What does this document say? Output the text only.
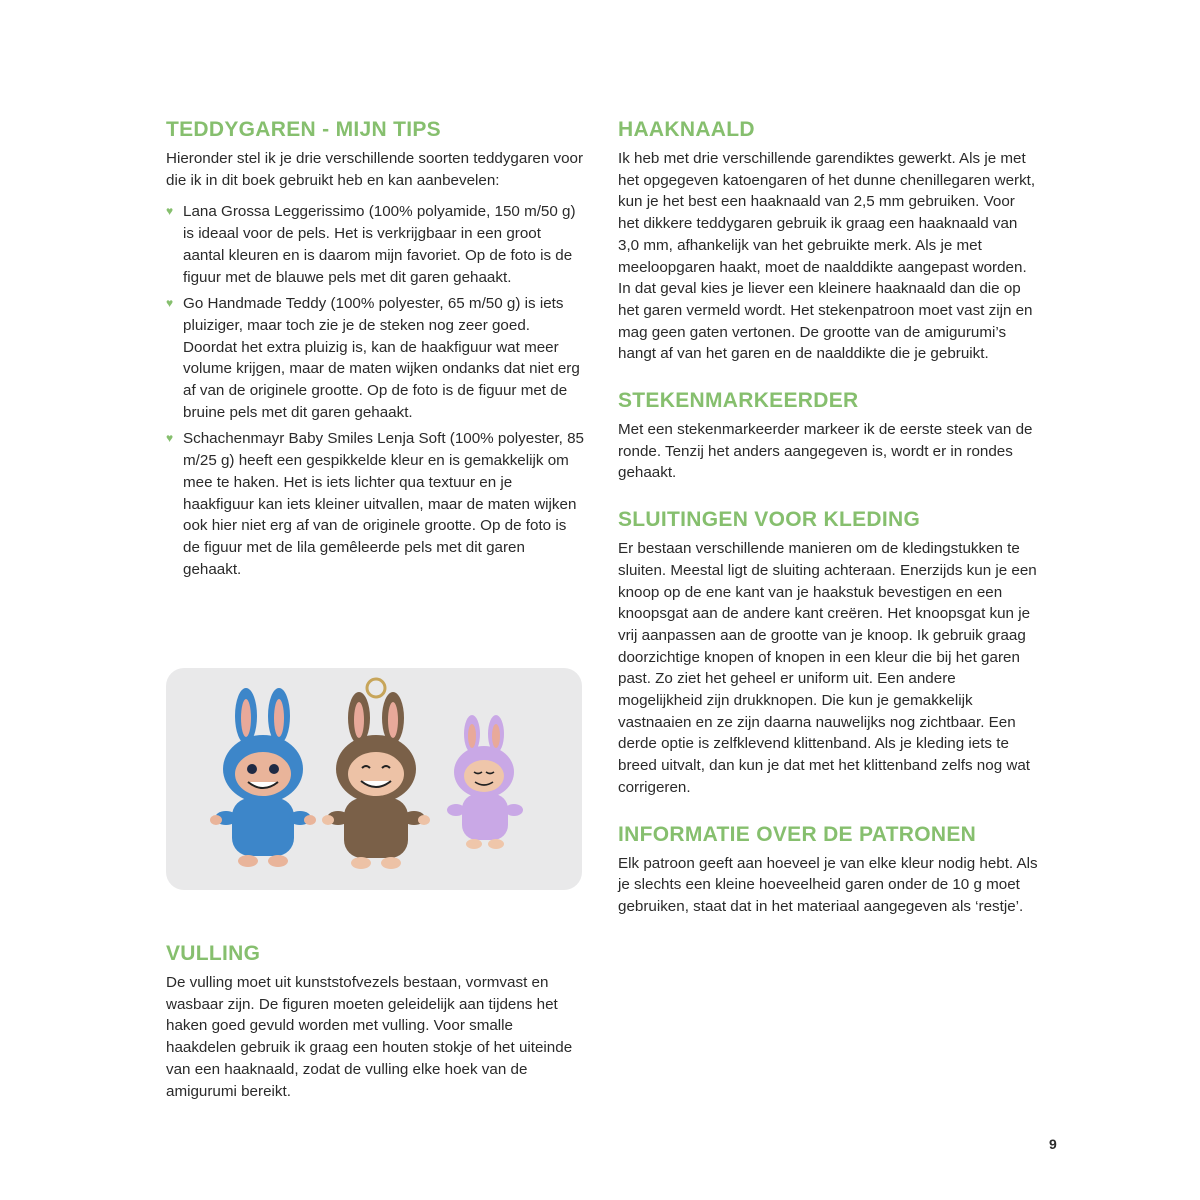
TEDDYGAREN - MIJN TIPS

Hieronder stel ik je drie verschillende soorten teddygaren voor die ik in dit boek gebruikt heb en kan aanbevelen:

♥ Lana Grossa Leggerissimo (100% polyamide, 150 m/50 g) is ideaal voor de pels. Het is verkrijgbaar in een groot aantal kleuren en is daarom mijn favoriet. Op de foto is de figuur met de blauwe pels met dit garen gehaakt.
♥ Go Handmade Teddy (100% polyester, 65 m/50 g) is iets pluiziger, maar toch zie je de steken nog zeer goed. Doordat het extra pluizig is, kan de haakfiguur wat meer volume krijgen, maar de maten wijken ondanks dat niet erg af van de originele grootte. Op de foto is de figuur met de bruine pels met dit garen gehaakt.
♥ Schachenmayr Baby Smiles Lenja Soft (100% polyester, 85 m/25 g) heeft een gespikkelde kleur en is gemakkelijk om mee te haken. Het is iets lichter qua textuur en je haakfiguur kan iets kleiner uitvallen, maar de maten wijken ook hier niet erg af van de originele grootte. Op de foto is de figuur met de lila gemêleerde pels met dit garen gehaakt.
VULLING

De vulling moet uit kunststofvezels bestaan, vormvast en wasbaar zijn. De figuren moeten geleidelijk aan tijdens het haken goed gevuld worden met vulling. Voor smalle haakdelen gebruik ik graag een houten stokje of het uiteinde van een haaknaald, zodat de vulling elke hoek van de amigurumi bereikt.

HAAKNAALD

Ik heb met drie verschillende garendiktes gewerkt. Als je met het opgegeven katoengaren of het dunne chenillegaren werkt, kun je het best een haaknaald van 2,5 mm gebruiken. Voor het dikkere teddygaren gebruik ik graag een haaknaald van 3,0 mm, afhankelijk van het gebruikte merk. Als je met meeloopgaren haakt, moet de naalddikte aangepast worden. In dat geval kies je liever een kleinere haaknaald dan die op het garen vermeld wordt. Het stekenpatroon moet vast zijn en mag geen gaten vertonen. De grootte van de amigurumi’s hangt af van het garen en de naalddikte die je gebruikt.

STEKENMARKEERDER

Met een stekenmarkeerder markeer ik de eerste steek van de ronde. Tenzij het anders aangegeven is, wordt er in rondes gehaakt.

SLUITINGEN VOOR KLEDING

Er bestaan verschillende manieren om de kledingstukken te sluiten. Meestal ligt de sluiting achteraan. Enerzijds kun je een knoop op de ene kant van je haakstuk bevestigen en een knoopsgat aan de andere kant creëren. Het knoopsgat kun je vrij aanpassen aan de grootte van je knoop. Ik gebruik graag doorzichtige knopen of knopen in een kleur die bij het garen past. Zo ziet het geheel er uniform uit. Een andere mogelijkheid zijn drukknopen. Die kun je gemakkelijk vastnaaien en ze zijn daarna nauwelijks nog zichtbaar. Een derde optie is zelfklevend klittenband. Als je kleding iets te breed uitvalt, dan kun je dat met het klittenband zelfs nog wat corrigeren.

INFORMATIE OVER DE PATRONEN

Elk patroon geeft aan hoeveel je van elke kleur nodig hebt. Als je slechts een kleine hoeveelheid garen onder de 10 g moet gebruiken, staat dat in het materiaal aangegeven als ‘restje’.

9
